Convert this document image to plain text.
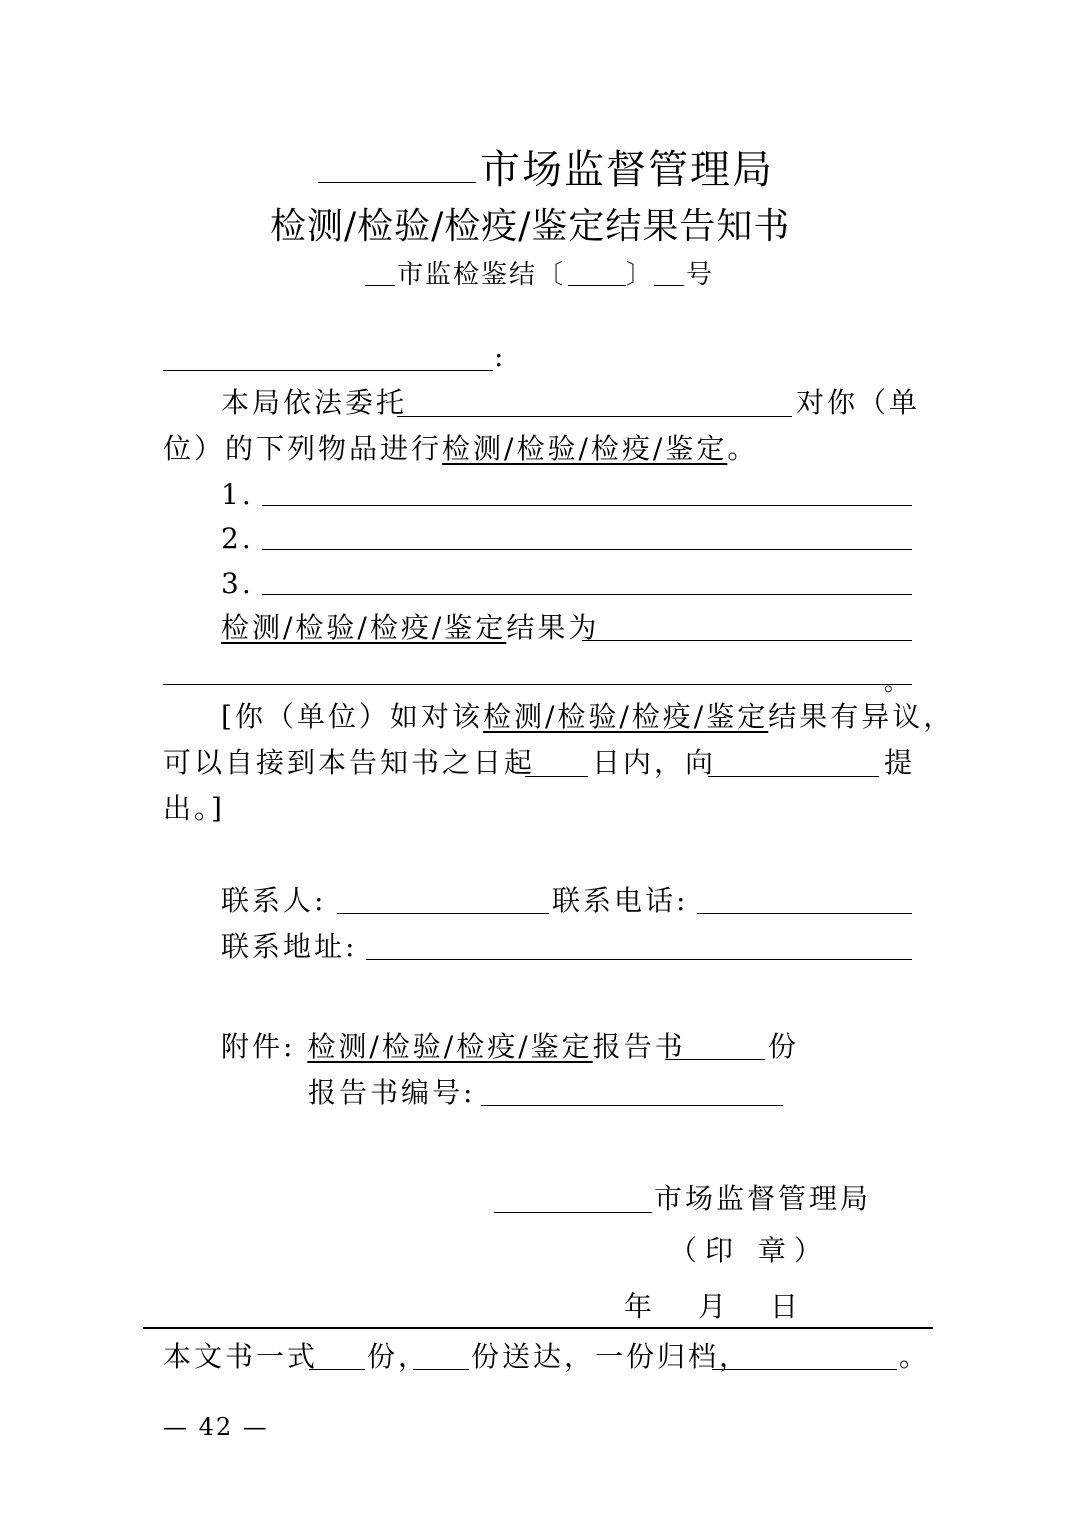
市场监督管理局
检测/检验/检疫/鉴定结果告知书
市监检鉴结〔 〕 号
:
本局依法委托	对你（单
位）的下列物品进行检测/检验/检疫/鉴定。
1.
2.
3.
检测/检验/检疫/鉴定结果为
。
[你（单位）如对该检测/检验/检疫/鉴定结果有异议，
可以自接到本告知书之日起 日内，向	提
出。]
联系人:	联系电话:
联系地址:
附件: 检测/检验/检疫/鉴定报告书	份
报告书编号:
市场监督管理局
（印 章）
年 月 日
本文书一式 份， 份送达，一份归档，	。
— 42 —
